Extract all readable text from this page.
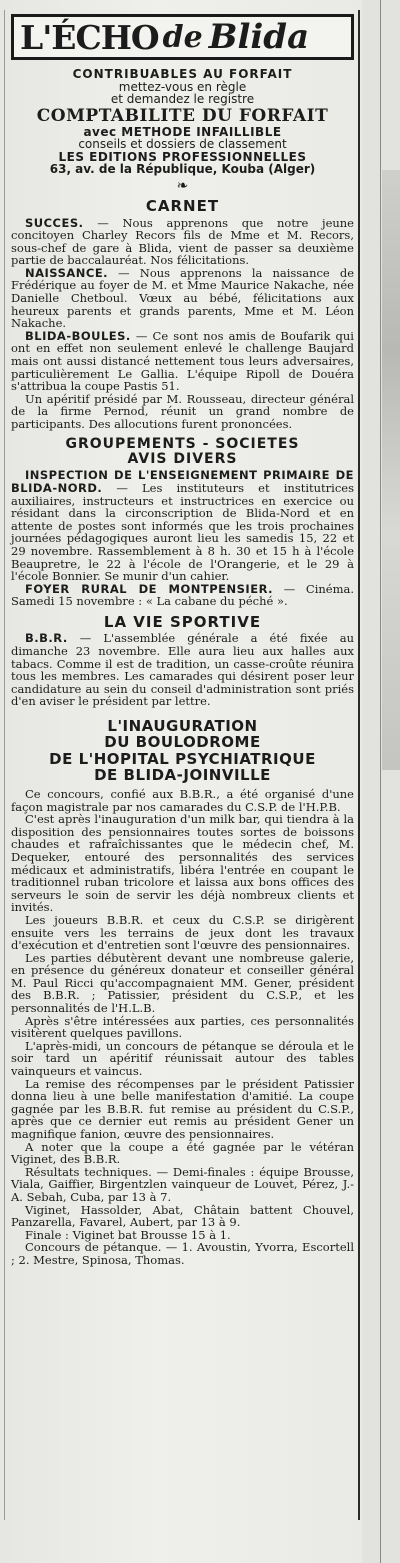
L'ÉCHO de Blida
CONTRIBUABLES AU FORFAIT
mettez-vous en règle
et demandez le registre
COMPTABILITE DU FORFAIT
avec METHODE INFAILLIBLE
conseils et dossiers de classement
LES EDITIONS PROFESSIONNELLES
63, av. de la République, Kouba (Alger)
❧
CARNET

SUCCES. — Nous apprenons que notre jeune concitoyen Charley Recors fils de Mme et M. Recors, sous-chef de gare à Blida, vient de passer sa deuxième partie de baccalauréat. Nos félicitations.

NAISSANCE. — Nous apprenons la naissance de Frédérique au foyer de M. et Mme Maurice Nakache, née Danielle Chetboul. Vœux au bébé, félicitations aux heureux parents et grands parents, Mme et M. Léon Nakache.

BLIDA-BOULES. — Ce sont nos amis de Boufarik qui ont en effet non seulement enlevé le challenge Baujard mais ont aussi distancé nettement tous leurs adversaires, particulièrement Le Gallia. L'équipe Ripoll de Douéra s'attribua la coupe Pastis 51.

Un apéritif présidé par M. Rousseau, directeur général de la firme Pernod, réunit un grand nombre de participants. Des allocutions furent prononcées.

GROUPEMENTS - SOCIETES
AVIS DIVERS

INSPECTION DE L'ENSEIGNEMENT PRIMAIRE DE BLIDA-NORD. — Les instituteurs et institutrices auxiliaires, instructeurs et instructrices en exercice ou résidant dans la circonscription de Blida-Nord et en attente de postes sont informés que les trois prochaines journées pédagogiques auront lieu les samedis 15, 22 et 29 novembre. Rassemblement à 8 h. 30 et 15 h à l'école Beaupretre, le 22 à l'école de l'Orangerie, et le 29 à l'école Bonnier. Se munir d'un cahier.

FOYER RURAL DE MONTPENSIER. — Cinéma. Samedi 15 novembre : « La cabane du péché ».

LA VIE SPORTIVE

B.B.R. — L'assemblée générale a été fixée au dimanche 23 novembre. Elle aura lieu aux halles aux tabacs. Comme il est de tradition, un casse-croûte réunira tous les membres. Les camarades qui désirent poser leur candidature au sein du conseil d'administration sont priés d'en aviser le président par lettre.

L'INAUGURATION
DU BOULODROME
DE L'HOPITAL PSYCHIATRIQUE
DE BLIDA-JOINVILLE

Ce concours, confié aux B.B.R., a été organisé d'une façon magistrale par nos camarades du C.S.P. de l'H.P.B.

C'est après l'inauguration d'un milk bar, qui tiendra à la disposition des pensionnaires toutes sortes de boissons chaudes et rafraîchissantes que le médecin chef, M. Dequeker, entouré des personnalités des services médicaux et administratifs, libéra l'entrée en coupant le traditionnel ruban tricolore et laissa aux bons offices des serveurs le soin de servir les déjà nombreux clients et invités.

Les joueurs B.B.R. et ceux du C.S.P. se dirigèrent ensuite vers les terrains de jeux dont les travaux d'exécution et d'entretien sont l'œuvre des pensionnaires.

Les parties débutèrent devant une nombreuse galerie, en présence du généreux donateur et conseiller général M. Paul Ricci qu'accompagnaient MM. Gener, président des B.B.R. ; Patissier, président du C.S.P., et les personnalités de l'H.L.B.

Après s'être intéressées aux parties, ces personnalités visitèrent quelques pavillons.

L'après-midi, un concours de pétanque se déroula et le soir tard un apéritif réunissait autour des tables vainqueurs et vaincus.

La remise des récompenses par le président Patissier donna lieu à une belle manifestation d'amitié. La coupe gagnée par les B.B.R. fut remise au président du C.S.P., après que ce dernier eut remis au président Gener un magnifique fanion, œuvre des pensionnaires.

A noter que la coupe a été gagnée par le vétéran Viginet, des B.B.R.

Résultats techniques. — Demi-finales : équipe Brousse, Viala, Gaiffier, Birgentzlen vainqueur de Louvet, Pérez, J.-A. Sebah, Cuba, par 13 à 7.

Viginet, Hassolder, Abat, Châtain battent Chouvel, Panzarella, Favarel, Aubert, par 13 à 9.

Finale : Viginet bat Brousse 15 à 1.

Concours de pétanque. — 1. Avoustin, Yvorra, Escortell ; 2. Mestre, Spinosa, Thomas.
